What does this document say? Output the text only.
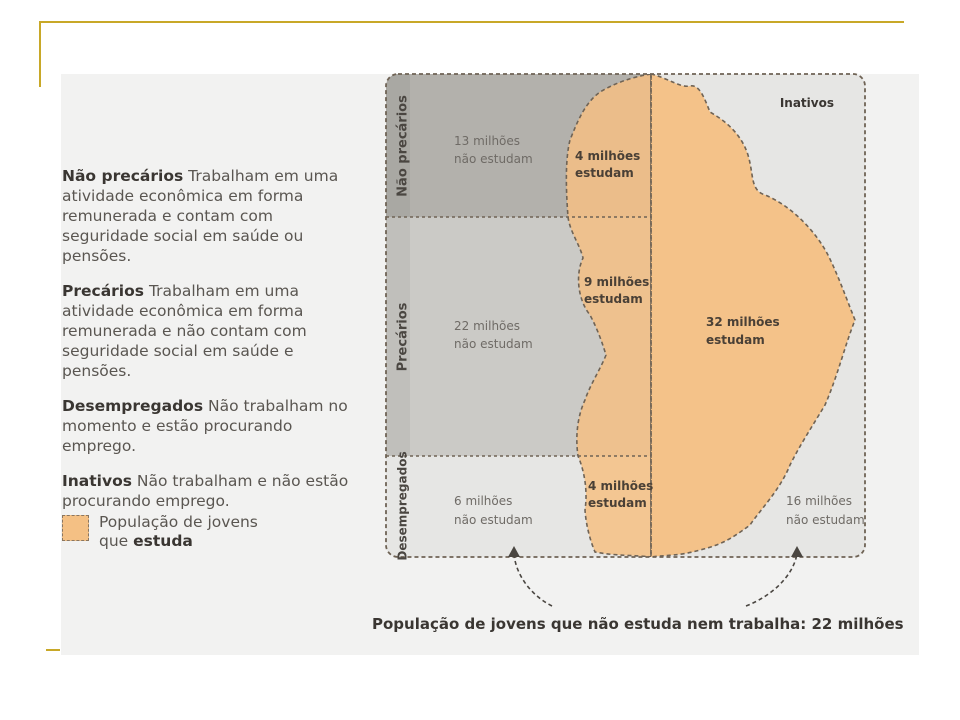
Não precários Trabalham em uma atividade econômica em forma remunerada e contam com seguridade social em saúde ou pensões.

Precários Trabalham em uma atividade econômica em forma remunerada e não contam com seguridade social em saúde e pensões.

Desempregados Não trabalham no momento e estão procurando emprego.

Inativos Não trabalham e não estão procurando emprego.

População de jovens que estuda
Não precários
Precários
Desempregados
13 milhões
não estudam
22 milhões
não estudam
6 milhões
não estudam
4 milhões
estudam
9 milhões
estudam
4 milhões
estudam
Inativos
32 milhões
estudam
16 milhões
não estudam
População de jovens que não estuda nem trabalha: 22 milhões
